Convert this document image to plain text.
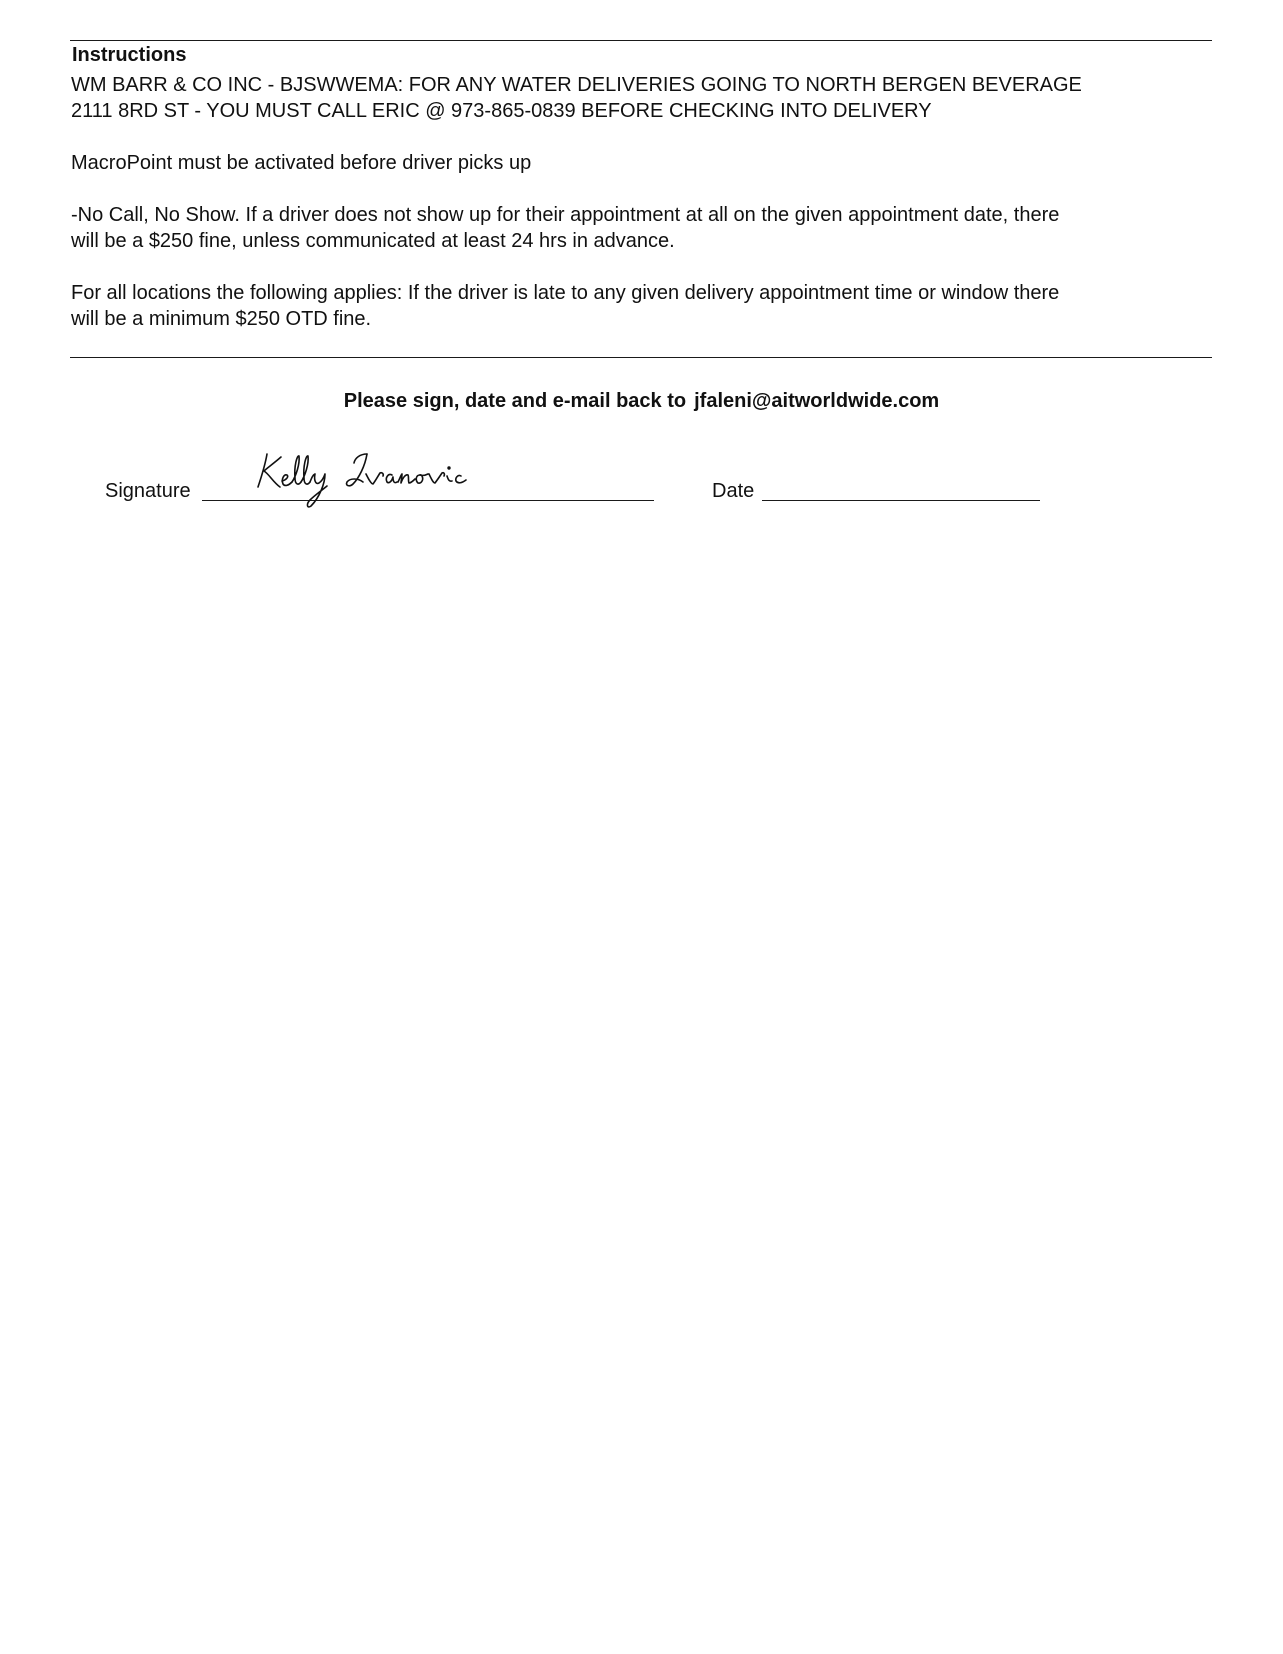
Instructions
WM BARR & CO INC - BJSWWEMA: FOR ANY WATER DELIVERIES GOING TO NORTH BERGEN BEVERAGE
2111 8RD ST - YOU MUST CALL ERIC @ 973-865-0839 BEFORE CHECKING INTO DELIVERY
MacroPoint must be activated before driver picks up
-No Call, No Show. If a driver does not show up for their appointment at all on the given appointment date, there
will be a $250 fine, unless communicated at least 24 hrs in advance.
For all locations the following applies: If the driver is late to any given delivery appointment time or window there
will be a minimum $250 OTD fine.
Please sign, date and e-mail back to jfaleni@aitworldwide.com
Signature	Date
